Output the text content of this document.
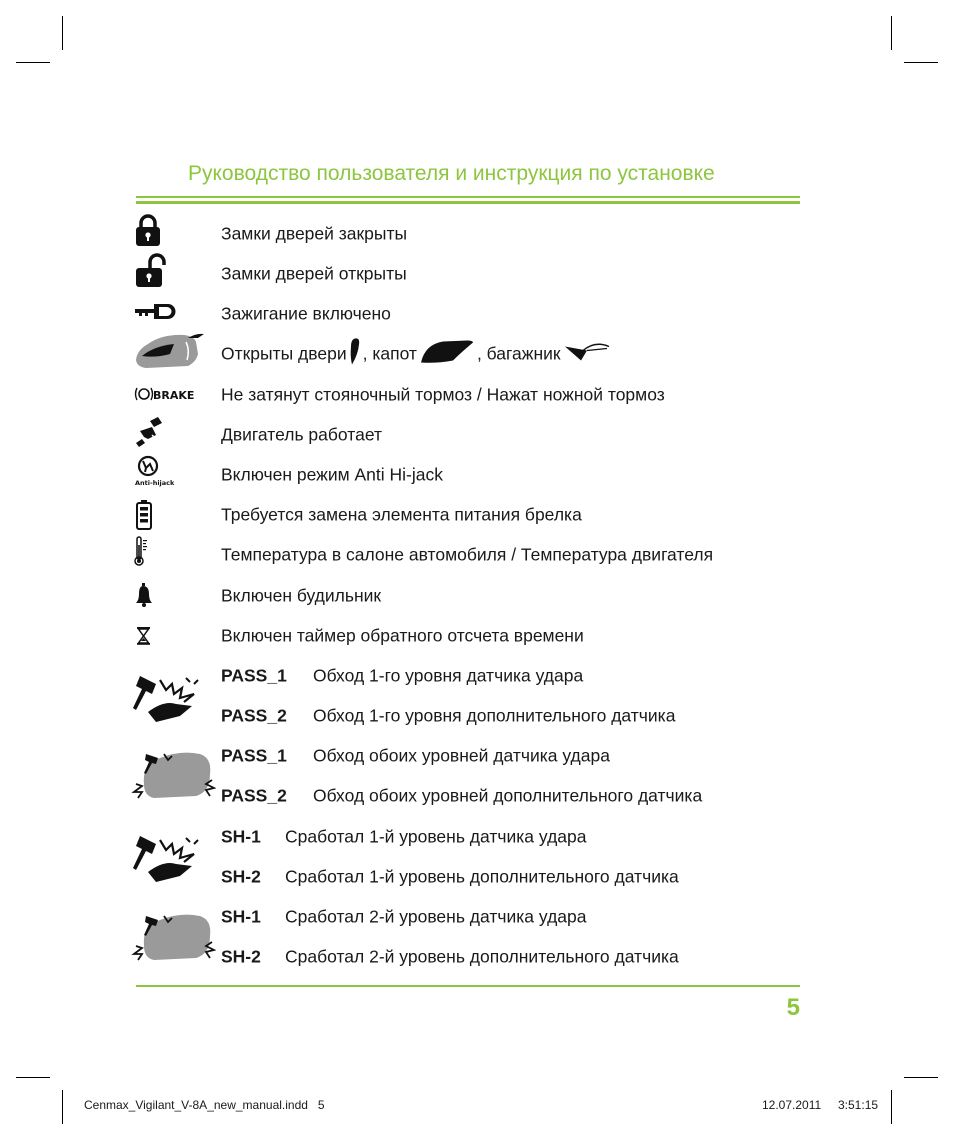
Руководство пользователя и инструкция по установке
Замки дверей закрыты
Замки дверей открыты
Зажигание включено
Открыты двери , капот	, багажник
BRAKE Не затянут стояночный тормоз / Нажат ножной тормоз
Двигатель работает
Anti-hijack	Включен режим Anti Hi-jack
Требуется замена элемента питания брелка
Температура в салоне автомобиля / Температура двигателя
Включен будильник
Включен таймер обратного отсчета времени
PASS_1	Обход 1-го уровня датчика удара
PASS_2	Обход 1-го уровня дополнительного датчика
PASS_1	Обход обоих уровней датчика удара
PASS_2	Обход обоих уровней дополнительного датчика
SH-1	Сработал 1-й уровень датчика удара
SH-2	Сработал 1-й уровень дополнительного датчика
SH-1	Сработал 2-й уровень датчика удара
SH-2	Сработал 2-й уровень дополнительного датчика
5
Cenmax_Vigilant_V-8A_new_manual.indd   5	12.07.2011 3:51:15
